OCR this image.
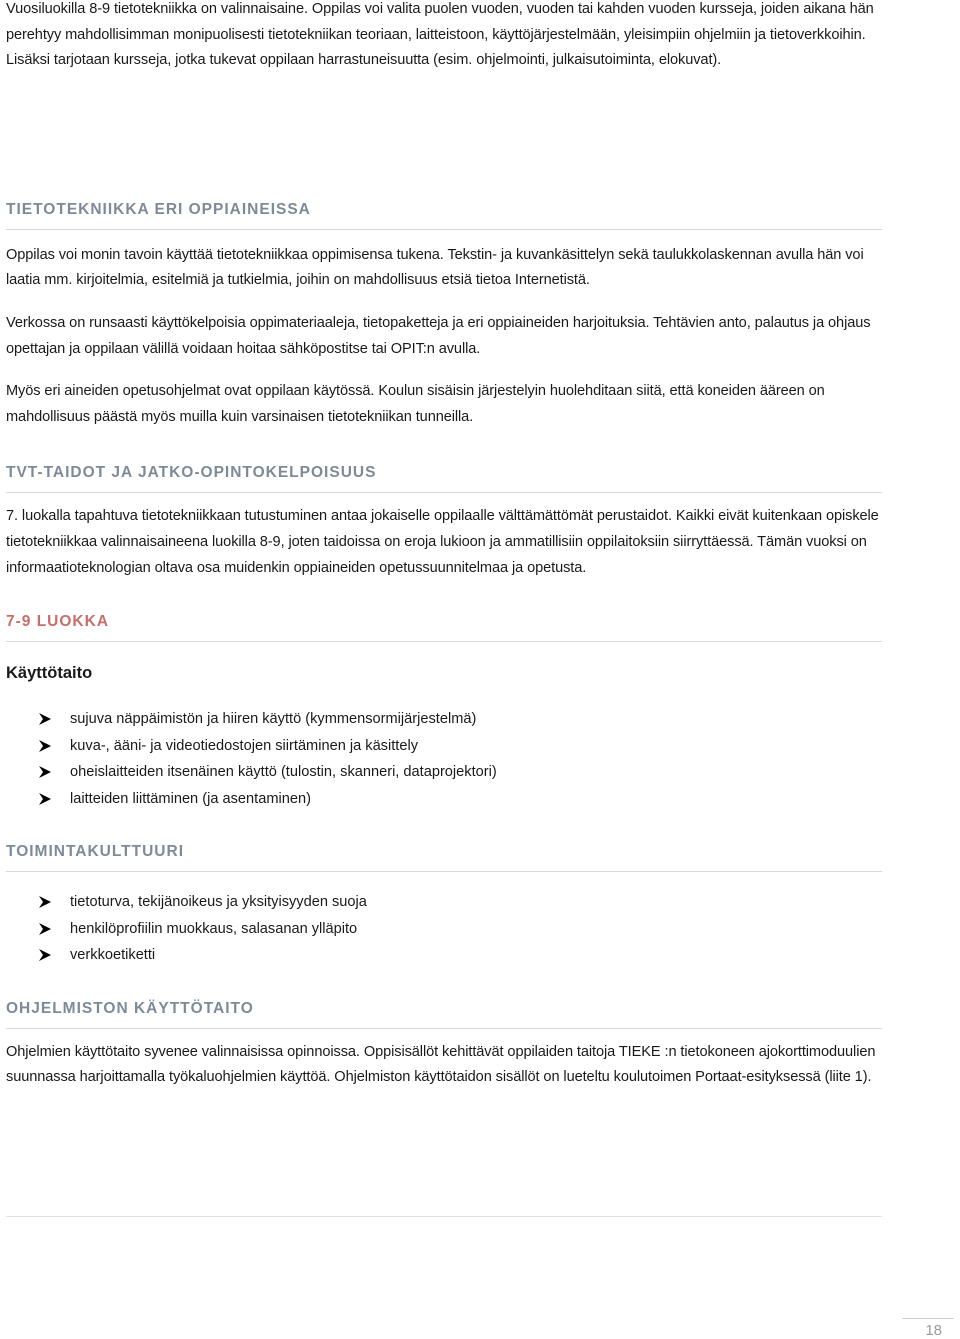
Vuosiluokilla 8-9 tietotekniikka on valinnaisaine. Oppilas voi valita puolen vuoden, vuoden tai kahden vuoden kursseja, joiden aikana hän perehtyy mahdollisimman monipuolisesti tietotekniikan teoriaan, laitteistoon, käyttöjärjestelmään, yleisimpiin ohjelmiin ja tietoverkkoihin. Lisäksi tarjotaan kursseja, jotka tukevat oppilaan harrastuneisuutta (esim. ohjelmointi, julkaisutoiminta, elokuvat).

TIETOTEKNIIKKA ERI OPPIAINEISSA

Oppilas voi monin tavoin käyttää tietotekniikkaa oppimisensa tukena. Tekstin- ja kuvankäsittelyn sekä taulukkolaskennan avulla hän voi laatia mm. kirjoitelmia, esitelmiä ja tutkielmia, joihin on mahdollisuus etsiä tietoa Internetistä.

Verkossa on runsaasti käyttökelpoisia oppimateriaaleja, tietopaketteja ja eri oppiaineiden harjoituksia. Tehtävien anto, palautus ja ohjaus opettajan ja oppilaan välillä voidaan hoitaa sähköpostitse tai OPIT:n avulla.

Myös eri aineiden opetusohjelmat ovat oppilaan käytössä. Koulun sisäisin järjestelyin huolehditaan siitä, että koneiden ääreen on mahdollisuus päästä myös muilla kuin varsinaisen tietotekniikan tunneilla.

TVT-TAIDOT JA JATKO-OPINTOKELPOISUUS

7. luokalla tapahtuva tietotekniikkaan tutustuminen antaa jokaiselle oppilaalle välttämättömät perustaidot. Kaikki eivät kuitenkaan opiskele tietotekniikkaa valinnaisaineena luokilla 8-9, joten taidoissa on eroja lukioon ja ammatillisiin oppilaitoksiin siirryttäessä. Tämän vuoksi on informaatioteknologian oltava osa muidenkin oppiaineiden opetussuunnitelmaa ja opetusta.

7-9 LUOKKA
Käyttötaito
sujuva näppäimistön ja hiiren käyttö (kymmensormijärjestelmä)
kuva-, ääni- ja videotiedostojen siirtäminen ja käsittely
oheislaitteiden itsenäinen käyttö (tulostin, skanneri, dataprojektori)
laitteiden liittäminen (ja asentaminen)
TOIMINTAKULTTUURI
tietoturva, tekijänoikeus ja yksityisyyden suoja
henkilöprofiilin muokkaus, salasanan ylläpito
verkkoetiketti
OHJELMISTON KÄYTTÖTAITO

Ohjelmien käyttötaito syvenee valinnaisissa opinnoissa. Oppisisällöt kehittävät oppilaiden taitoja TIEKE :n tietokoneen ajokorttimoduulien suunnassa harjoittamalla työkaluohjelmien käyttöä. Ohjelmiston käyttötaidon sisällöt on lueteltu koulutoimen Portaat-esityksessä (liite 1).

18
